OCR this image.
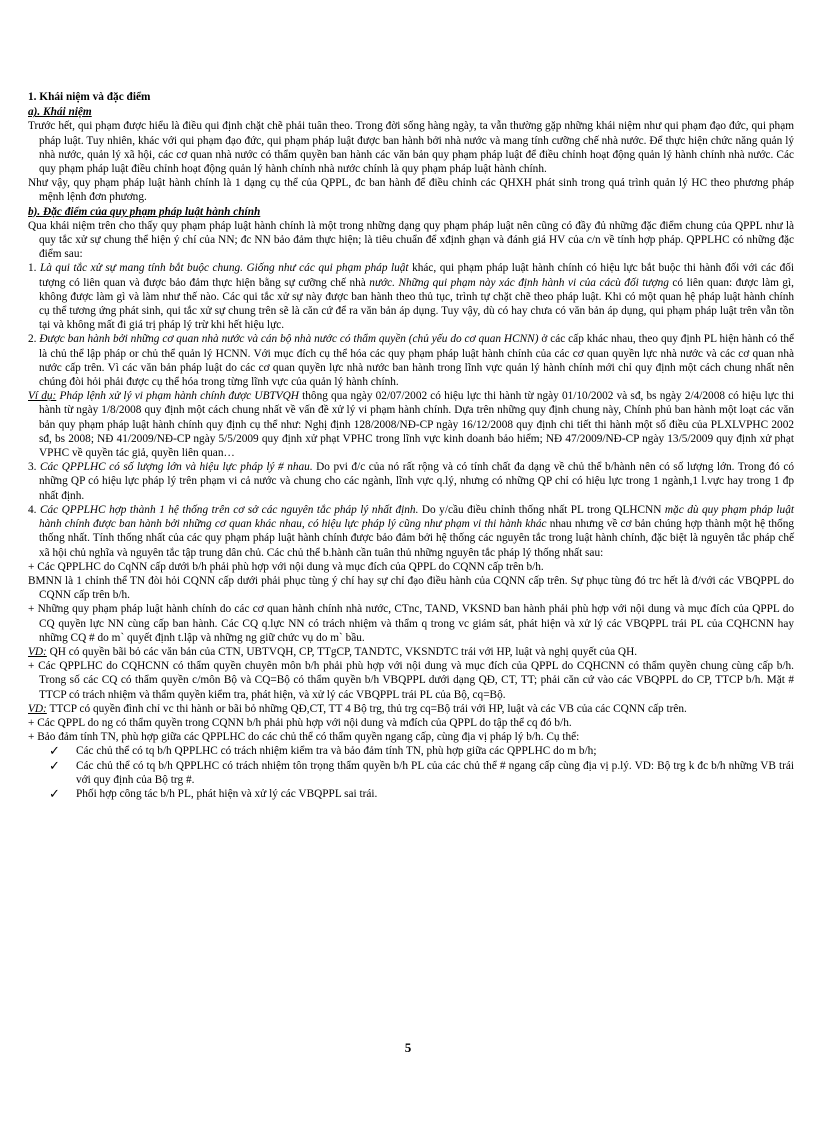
1. Khái niệm và đặc điểm

a). Khái niệm

Trước hết, qui phạm được hiểu là điều qui định chặt chẽ phải tuân theo. Trong đời sống hàng ngày, ta vẫn thường gặp những khái niệm như qui phạm đạo đức, qui phạm pháp luật. Tuy nhiên, khác với qui phạm đạo đức, qui phạm pháp luật được ban hành bởi nhà nước và mang tính cưỡng chế nhà nước. Để thực hiện chức năng quản lý nhà nước, quản lý xã hội, các cơ quan nhà nước có thẩm quyền ban hành các văn bản quy phạm pháp luật để điều chỉnh hoạt động quản lý hành chính nhà nước. Các quy phạm pháp luật điều chỉnh hoạt động quản lý hành chính nhà nước chính là quy phạm pháp luật hành chính.

Như vậy, quy phạm pháp luật hành chính là 1 dạng cụ thể của QPPL, đc ban hành để điều chỉnh các QHXH phát sinh trong quá trình quản lý HC theo phương pháp mệnh lệnh đơn phương.

b). Đặc điểm của quy phạm pháp luật hành chính

Qua khái niệm trên cho thấy quy phạm pháp luật hành chính là một trong những dạng quy phạm pháp luật nên cũng có đầy đủ những đặc điểm chung của QPPL như là quy tắc xử sự chung thể hiện ý chí của NN; đc NN bảo đảm thực hiện; là tiêu chuẩn để xđịnh ghạn và đánh giá HV của c/n về tính hợp pháp. QPPLHC có những đặc điểm sau:

1. Là qui tắc xử sự mang tính bắt buộc chung. Giống như các qui phạm pháp luật khác, qui phạm pháp luật hành chính có hiệu lực bắt buộc thi hành đối với các đối tượng có liên quan và được bảo đảm thực hiện bằng sự cưỡng chế nhà nước. Những qui phạm này xác định hành vi của cácù đối tượng có liên quan: được làm gì, không được làm gì và làm như thế nào. Các qui tắc xử sự này được ban hành theo thủ tục, trình tự chặt chẽ theo pháp luật. Khi có một quan hệ pháp luật hành chính cụ thể tương ứng phát sinh, qui tắc xử sự chung trên sẽ là căn cứ để ra văn bản áp dụng. Tuy vậy, dù có hay chưa có văn bản áp dụng, qui phạm pháp luật trên vẫn tồn tại và không mất đi giá trị pháp lý trừ khi hết hiệu lực.

2. Được ban hành bởi những cơ quan nhà nước và cán bộ nhà nước có thẩm quyền (chủ yếu do cơ quan HCNN) ở các cấp khác nhau, theo quy định PL hiện hành có thể là chủ thể lập pháp or chủ thể quản lý HCNN. Với mục đích cụ thể hóa các quy phạm pháp luật hành chính của các cơ quan quyền lực nhà nước và các cơ quan nhà nước cấp trên. Vì các văn bản pháp luật do các cơ quan quyền lực nhà nước ban hành trong lĩnh vực quản lý hành chính mới chỉ quy định một cách chung nhất nên chúng đòi hỏi phải được cụ thể hóa trong từng lĩnh vực của quản lý hành chính.

Ví dụ: Pháp lệnh xử lý vi phạm hành chính được UBTVQH thông qua ngày 02/07/2002 có hiệu lực thi hành từ ngày 01/10/2002 và sđ, bs ngày 2/4/2008 có hiệu lực thi hành từ ngày 1/8/2008 quy định một cách chung nhất về vấn đề xử lý vi phạm hành chính. Dựa trên những quy định chung này, Chính phủ ban hành một loạt các văn bản quy phạm pháp luật hành chính quy định cụ thể như: Nghị định 128/2008/NĐ-CP ngày 16/12/2008 quy định chi tiết thi hành một số điều của PLXLVPHC 2002 sđ, bs 2008; NĐ 41/2009/NĐ-CP ngày 5/5/2009 quy định xử phạt VPHC trong lĩnh vực kinh doanh bảo hiểm; NĐ 47/2009/NĐ-CP ngày 13/5/2009 quy định xử phạt VPHC về quyền tác giả, quyền liên quan…

3. Các QPPLHC có số lượng lớn và hiệu lực pháp lý # nhau. Do pvi đ/c của nó rất rộng và có tính chất đa dạng về chủ thể b/hành nên có số lượng lớn. Trong đó có những QP có hiệu lực pháp lý trên phạm vi cả nước và chung cho các ngành, lĩnh vực q.lý, nhưng có những QP chỉ có hiệu lực trong 1 ngành,1 l.vực hay trong 1 đp nhất định.

4. Các QPPLHC hợp thành 1 hệ thống trên cơ sở các nguyên tắc pháp lý nhất định. Do y/cầu điều chỉnh thống nhất PL trong QLHCNN mặc dù quy phạm pháp luật hành chính được ban hành bởi những cơ quan khác nhau, có hiệu lực pháp lý cũng như phạm vi thi hành khác nhau nhưng về cơ bản chúng hợp thành một hệ thống thống nhất. Tính thống nhất của các quy phạm pháp luật hành chính được bảo đảm bởi hệ thống các nguyên tắc trong luật hành chính, đặc biệt là nguyên tắc pháp chế xã hội chủ nghĩa và nguyên tắc tập trung dân chủ. Các chủ thể b.hành cần tuân thủ những nguyên tắc pháp lý thống nhất sau:

+ Các QPPLHC do CqNN cấp dưới b/h phải phù hợp với nội dung và mục đích của QPPL do CQNN cấp trên b/h.

BMNN là 1 chỉnh thể TN đòi hỏi CQNN cấp dưới phải phục tùng ý chí hay sự chỉ đạo điều hành của CQNN cấp trên. Sự phục tùng đó trc hết là đ/với các VBQPPL do CQNN cấp trên b/h.

+ Những quy phạm pháp luật hành chính do các cơ quan hành chính nhà nước, CTnc, TAND, VKSND ban hành phải phù hợp với nội dung và mục đích của QPPL do CQ quyền lực NN cùng cấp ban hành. Các CQ q.lực NN có trách nhiệm và thẩm q trong vc giám sát, phát hiện và xử lý các VBQPPL trái PL của CQHCNN hay những CQ # do m` quyết định t.lập và những ng giữ chức vụ do m` bầu.

VD: QH có quyền bãi bỏ các văn bản của CTN, UBTVQH, CP, TTgCP, TANDTC, VKSNDTC trái với HP, luật và nghị quyết của QH.

+ Các QPPLHC do CQHCNN có thẩm quyền chuyên môn b/h phải phù hợp với nội dung và mục đích của QPPL do CQHCNN có thẩm quyền chung cùng cấp b/h. Trong số các CQ có thẩm quyền c/môn Bộ và CQ=Bộ có thẩm quyền b/h VBQPPL dưới dạng QĐ, CT, TT; phải căn cứ vào các VBQPPL do CP, TTCP b/h. Mặt # TTCP có trách nhiệm và thẩm quyền kiểm tra, phát hiện, và xử lý các VBQPPL trái PL của Bộ, cq=Bộ.

VD: TTCP có quyền đình chỉ vc thi hành or bãi bỏ những QĐ,CT, TT 4 Bộ trg, thủ trg cq=Bộ trái với HP, luật và các VB của các CQNN cấp trên.

+ Các QPPL do ng có thẩm quyền trong CQNN b/h phải phù hợp với nội dung và mđích của QPPL do tập thể cq đó b/h.

+ Bảo đảm tính TN, phù hợp giữa các QPPLHC do các chủ thể có thẩm quyền ngang cấp, cùng địa vị pháp lý b/h. Cụ thể:

✓ Các chủ thể có tq b/h QPPLHC có trách nhiệm kiểm tra và bảo đảm tính TN, phù hợp giữa các QPPLHC do m b/h;

✓ Các chủ thể có tq b/h QPPLHC có trách nhiệm tôn trọng thẩm quyền b/h PL của các chủ thể # ngang cấp cùng địa vị p.lý. VD: Bộ trg k đc b/h những VB trái với quy định của Bộ trg #.

✓ Phối hợp công tác b/h PL, phát hiện và xử lý các VBQPPL sai trái.

5
